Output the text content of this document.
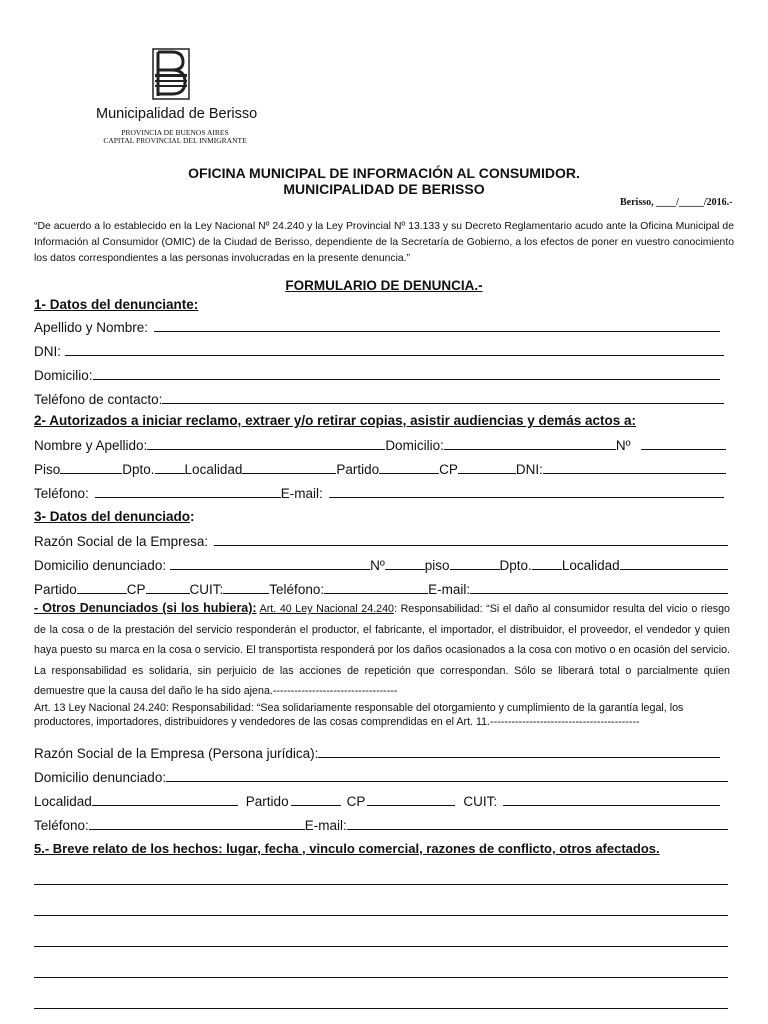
Municipalidad de Berisso
PROVINCIA DE BUENOS AIRES
CAPITAL PROVINCIAL DEL INMIGRANTE
OFICINA MUNICIPAL DE INFORMACIÓN AL CONSUMIDOR.
MUNICIPALIDAD DE BERISSO
Berisso, ____/_____/2016.-
“De acuerdo a lo establecido en la Ley Nacional Nº 24.240 y la Ley Provincial Nº 13.133 y su Decreto Reglamentario acudo ante la Oficina Municipal de Información al Consumidor (OMIC) de la Ciudad de Berisso, dependiente de la Secretaría de Gobierno, a los efectos de poner en vuestro conocimiento los datos correspondientes a las personas involucradas en la presente denuncia.”
FORMULARIO DE DENUNCIA.-
1- Datos del denunciante:
Apellido y Nombre:
DNI:
Domicilio:
Teléfono de contacto:
2- Autorizados a iniciar reclamo, extraer y/o retirar copias, asistir audiencias y demás actos a:
Nombre y Apellido:	Domicilio:	Nº
Piso	Dpto. Localidad	Partido	CP	DNI:
Teléfono:	E-mail:
3- Datos del denunciado :
Razón Social de la Empresa:
Domicilio denunciado:	Nº	piso	Dpto. Localidad
Partido	CP	CUIT:	Teléfono:	E-mail:
- Otros Denunciados (si los hubiera): Art. 40 Ley Nacional 24.240: Responsabilidad: “Si el daño al consumidor resulta del vicio o riesgo de la cosa o de la prestación del servicio responderán el productor, el fabricante, el importador, el distribuidor, el proveedor, el vendedor y quien haya puesto su marca en la cosa o servicio. El transportista responderá por los daños ocasionados a la cosa con motivo o en ocasión del servicio. La responsabilidad es solidaria, sin perjuicio de las acciones de repetición que correspondan. Sólo se liberará total o parcialmente quien demuestre que la causa del daño le ha sido ajena.-----------------------------------
Art. 13 Ley Nacional 24.240: Responsabilidad: “Sea solidariamente responsable del otorgamiento y cumplimiento de la garantía legal, los productores, importadores, distribuidores y vendedores de las cosas comprendidas en el Art. 11.------------------------------------------
Razón Social de la Empresa (Persona jurídica):
Domicilio denunciado:
Localidad	Partido	CP	CUIT:
Teléfono:	E-mail:
5.- Breve relato de los hechos: lugar, fecha , vinculo comercial, razones de conflicto, otros afectados.
